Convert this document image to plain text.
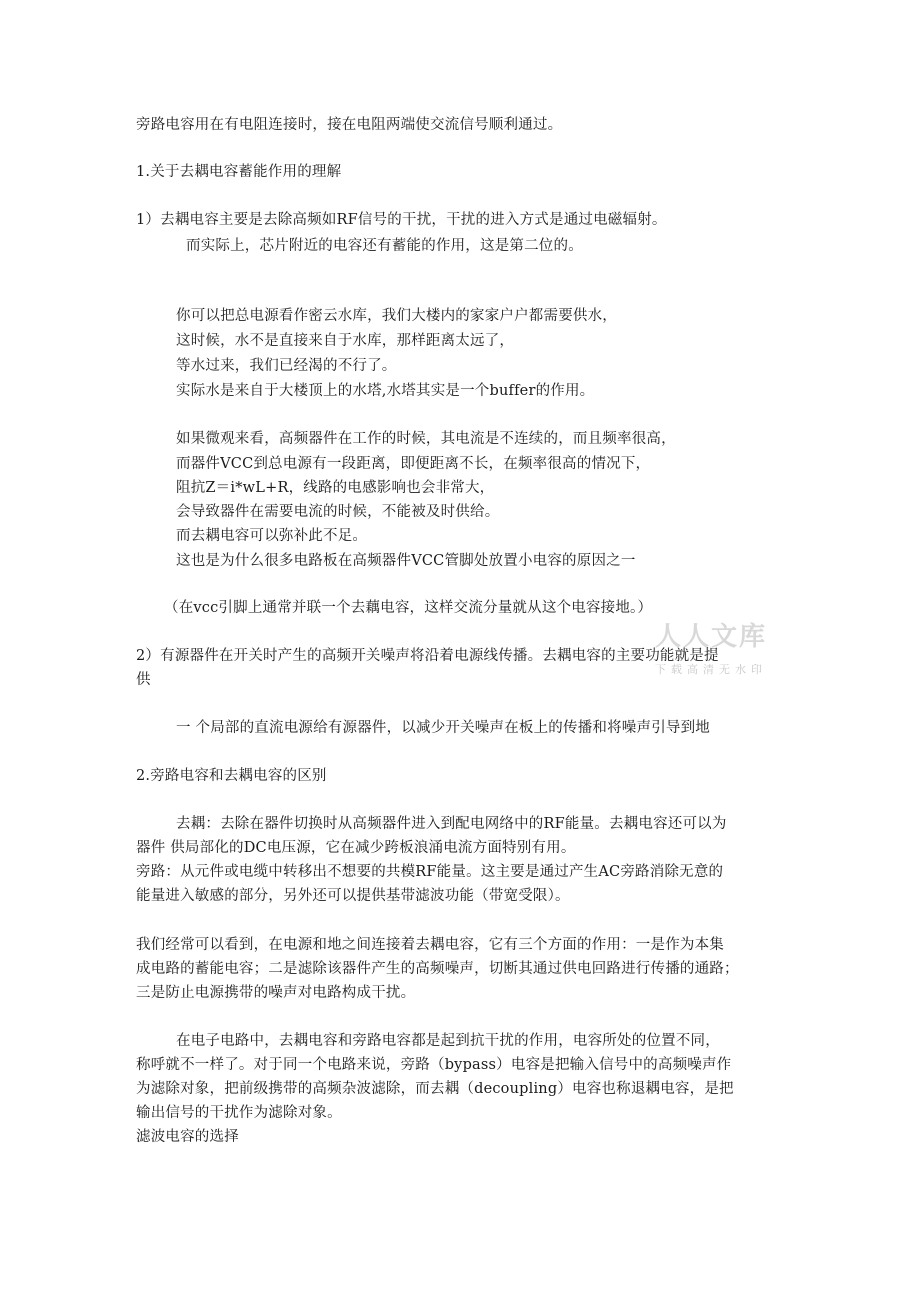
旁路电容用在有电阻连接时，接在电阻两端使交流信号顺利通过。
1.关于去耦电容蓄能作用的理解
1）去耦电容主要是去除高频如RF信号的干扰，干扰的进入方式是通过电磁辐射。
而实际上，芯片附近的电容还有蓄能的作用，这是第二位的。
你可以把总电源看作密云水库，我们大楼内的家家户户都需要供水，
这时候，水不是直接来自于水库，那样距离太远了，
等水过来，我们已经渴的不行了。
实际水是来自于大楼顶上的水塔,水塔其实是一个buffer的作用。
如果微观来看，高频器件在工作的时候，其电流是不连续的，而且频率很高，
而器件VCC到总电源有一段距离，即便距离不长，在频率很高的情况下，
阻抗Z＝i*wL+R，线路的电感影响也会非常大，
会导致器件在需要电流的时候，不能被及时供给。
而去耦电容可以弥补此不足。
这也是为什么很多电路板在高频器件VCC管脚处放置小电容的原因之一
（在vcc引脚上通常并联一个去藕电容，这样交流分量就从这个电容接地。）
2）有源器件在开关时产生的高频开关噪声将沿着电源线传播。去耦电容的主要功能就是提
供
一 个局部的直流电源给有源器件，以减少开关噪声在板上的传播和将噪声引导到地
2.旁路电容和去耦电容的区别
去耦：去除在器件切换时从高频器件进入到配电网络中的RF能量。去耦电容还可以为
器件 供局部化的DC电压源，它在减少跨板浪涌电流方面特别有用。
旁路：从元件或电缆中转移出不想要的共模RF能量。这主要是通过产生AC旁路消除无意的
能量进入敏感的部分，另外还可以提供基带滤波功能（带宽受限）。
我们经常可以看到，在电源和地之间连接着去耦电容，它有三个方面的作用：一是作为本集
成电路的蓄能电容；二是滤除该器件产生的高频噪声，切断其通过供电回路进行传播的通路；
三是防止电源携带的噪声对电路构成干扰。
在电子电路中，去耦电容和旁路电容都是起到抗干扰的作用，电容所处的位置不同，
称呼就不一样了。对于同一个电路来说，旁路（bypass）电容是把输入信号中的高频噪声作
为滤除对象，把前级携带的高频杂波滤除，而去耦（decoupling）电容也称退耦电容，是把
输出信号的干扰作为滤除对象。
滤波电容的选择
人人文库
下载高清无水印
